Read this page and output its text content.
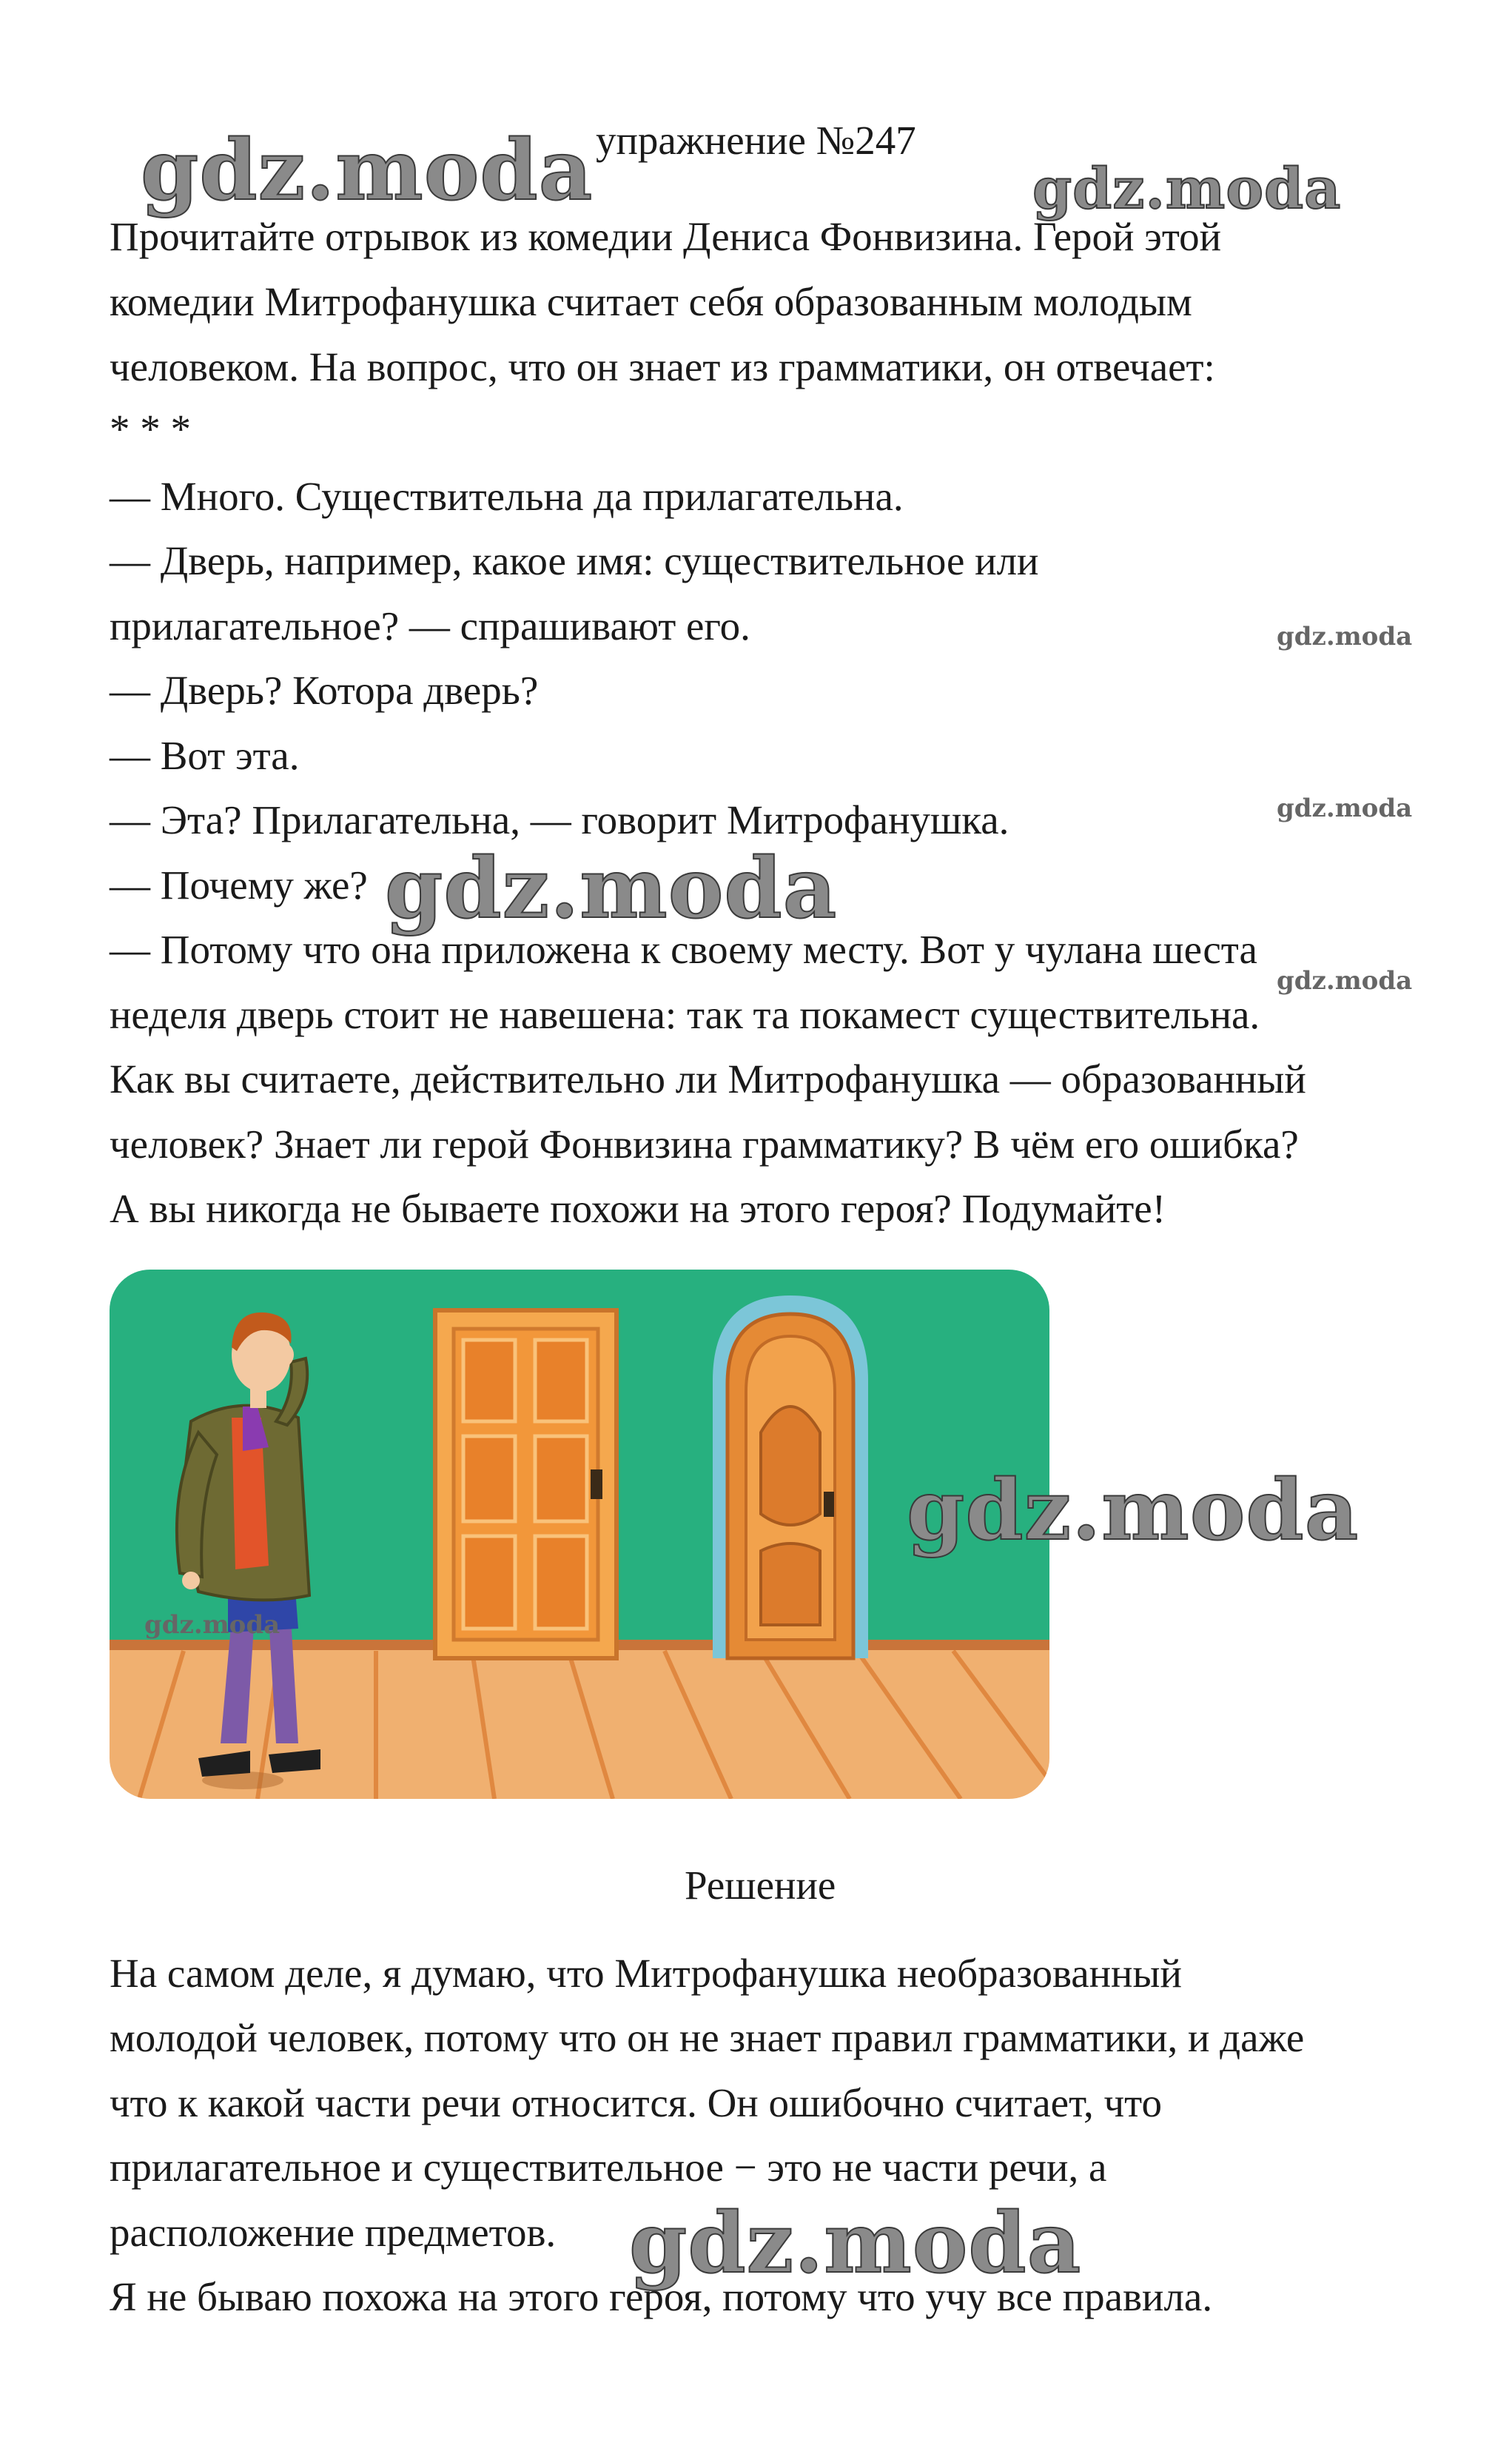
упражнение №247
Прочитайте отрывок из комедии Дениса Фонвизина. Герой этой
комедии Митрофанушка считает себя образованным молодым
человеком. На вопрос, что он знает из грамматики, он отвечает:
* * *
— Много. Существительна да прилагательна.
— Дверь, например, какое имя: существительное или
прилагательное? — спрашивают его.
— Дверь? Котора дверь?
— Вот эта.
— Эта? Прилагательна, — говорит Митрофанушка.
— Почему же?
— Потому что она приложена к своему месту. Вот у чулана шеста
неделя дверь стоит не навешена: так та покамест существительна.
Как вы считаете, действительно ли Митрофанушка — образованный
человек? Знает ли герой Фонвизина грамматику? В чём его ошибка?
А вы никогда не бываете похожи на этого героя? Подумайте!
Решение
На самом деле, я думаю, что Митрофанушка необразованный
молодой человек, потому что он не знает правил грамматики, и даже
что к какой части речи относится. Он ошибочно считает, что
прилагательное и существительное − это не части речи, а
расположение предметов.
Я не бываю похожа на этого героя, потому что учу все правила.
gdz.moda	gdz.moda
gdz.moda
gdz.moda
gdz.moda
gdz.moda
gdz.moda
gdz.moda
gdz.moda
